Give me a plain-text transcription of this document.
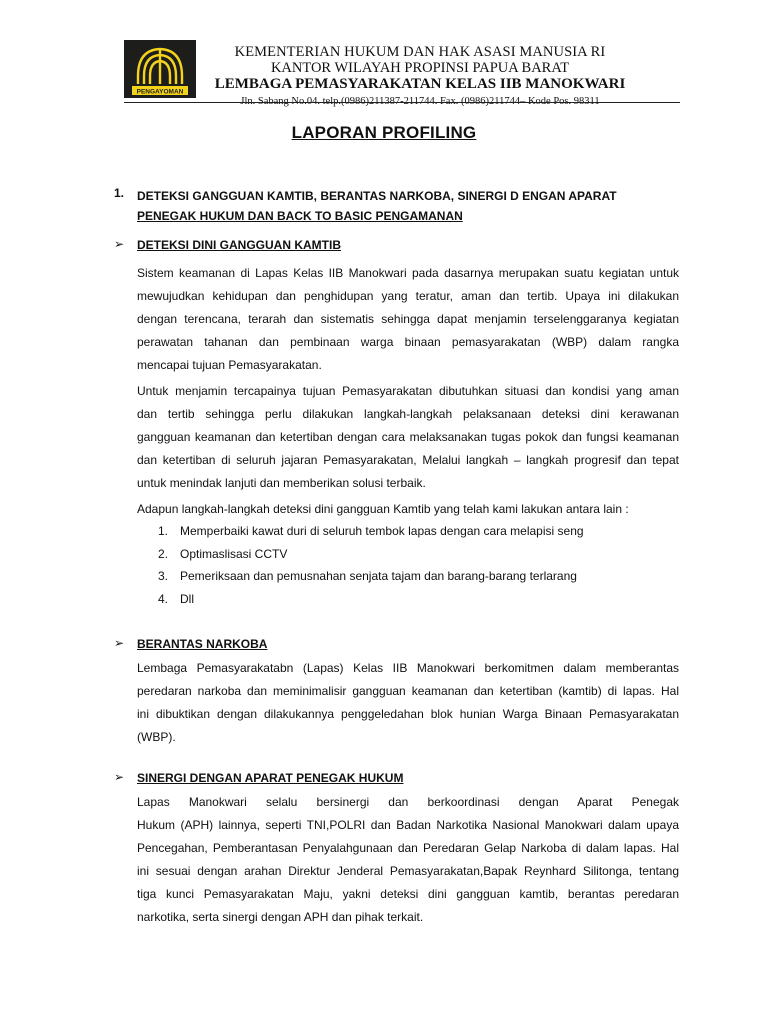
PENGAYOMAN
KEMENTERIAN HUKUM DAN HAK ASASI MANUSIA RI
KANTOR WILAYAH PROPINSI PAPUA BARAT
LEMBAGA PEMASYARAKATAN KELAS IIB MANOKWARI
Jln. Sabang No.04. telp.(0986)211387-211744. Fax. (0986)211744– Kode Pos. 98311
LAPORAN PROFILING
1. DETEKSI GANGGUAN KAMTIB, BERANTAS NARKOBA, SINERGI D ENGAN APARAT
PENEGAK HUKUM DAN BACK TO BASIC PENGAMANAN
➢ DETEKSI DINI GANGGUAN KAMTIB
Sistem keamanan di Lapas Kelas IIB Manokwari pada dasarnya merupakan suatu kegiatan untuk
mewujudkan kehidupan dan penghidupan yang teratur, aman dan tertib. Upaya ini dilakukan
dengan terencana, terarah dan sistematis sehingga dapat menjamin terselenggaranya kegiatan
perawatan tahanan dan pembinaan warga binaan pemasyarakatan (WBP) dalam rangka
mencapai tujuan Pemasyarakatan.
Untuk menjamin tercapainya tujuan Pemasyarakatan dibutuhkan situasi dan kondisi yang aman
dan tertib sehingga perlu dilakukan langkah-langkah pelaksanaan deteksi dini kerawanan
gangguan keamanan dan ketertiban dengan cara melaksanakan tugas pokok dan fungsi keamanan
dan ketertiban di seluruh jajaran Pemasyarakatan, Melalui langkah – langkah progresif dan tepat
untuk menindak lanjuti dan memberikan solusi terbaik.
Adapun langkah-langkah deteksi dini gangguan Kamtib yang telah kami lakukan antara lain :
1. Memperbaiki kawat duri di seluruh tembok lapas dengan cara melapisi seng
2. Optimaslisasi CCTV
3. Pemeriksaan dan pemusnahan senjata tajam dan barang-barang terlarang
4. Dll
➢ BERANTAS NARKOBA
Lembaga Pemasyarakatabn (Lapas) Kelas IIB Manokwari berkomitmen dalam memberantas
peredaran narkoba dan meminimalisir gangguan keamanan dan ketertiban (kamtib) di lapas. Hal
ini dibuktikan dengan dilakukannya penggeledahan blok hunian Warga Binaan Pemasyarakatan
(WBP).
➢ SINERGI DENGAN APARAT PENEGAK HUKUM
Lapas Manokwari selalu bersinergi dan berkoordinasi dengan Aparat Penegak
Hukum (APH) lainnya, seperti TNI,POLRI dan Badan Narkotika Nasional Manokwari dalam upaya
Pencegahan, Pemberantasan Penyalahgunaan dan Peredaran Gelap Narkoba di dalam lapas. Hal
ini sesuai dengan arahan Direktur Jenderal Pemasyarakatan,Bapak Reynhard Silitonga, tentang
tiga kunci Pemasyarakatan Maju, yakni deteksi dini gangguan kamtib, berantas peredaran
narkotika, serta sinergi dengan APH dan pihak terkait.
